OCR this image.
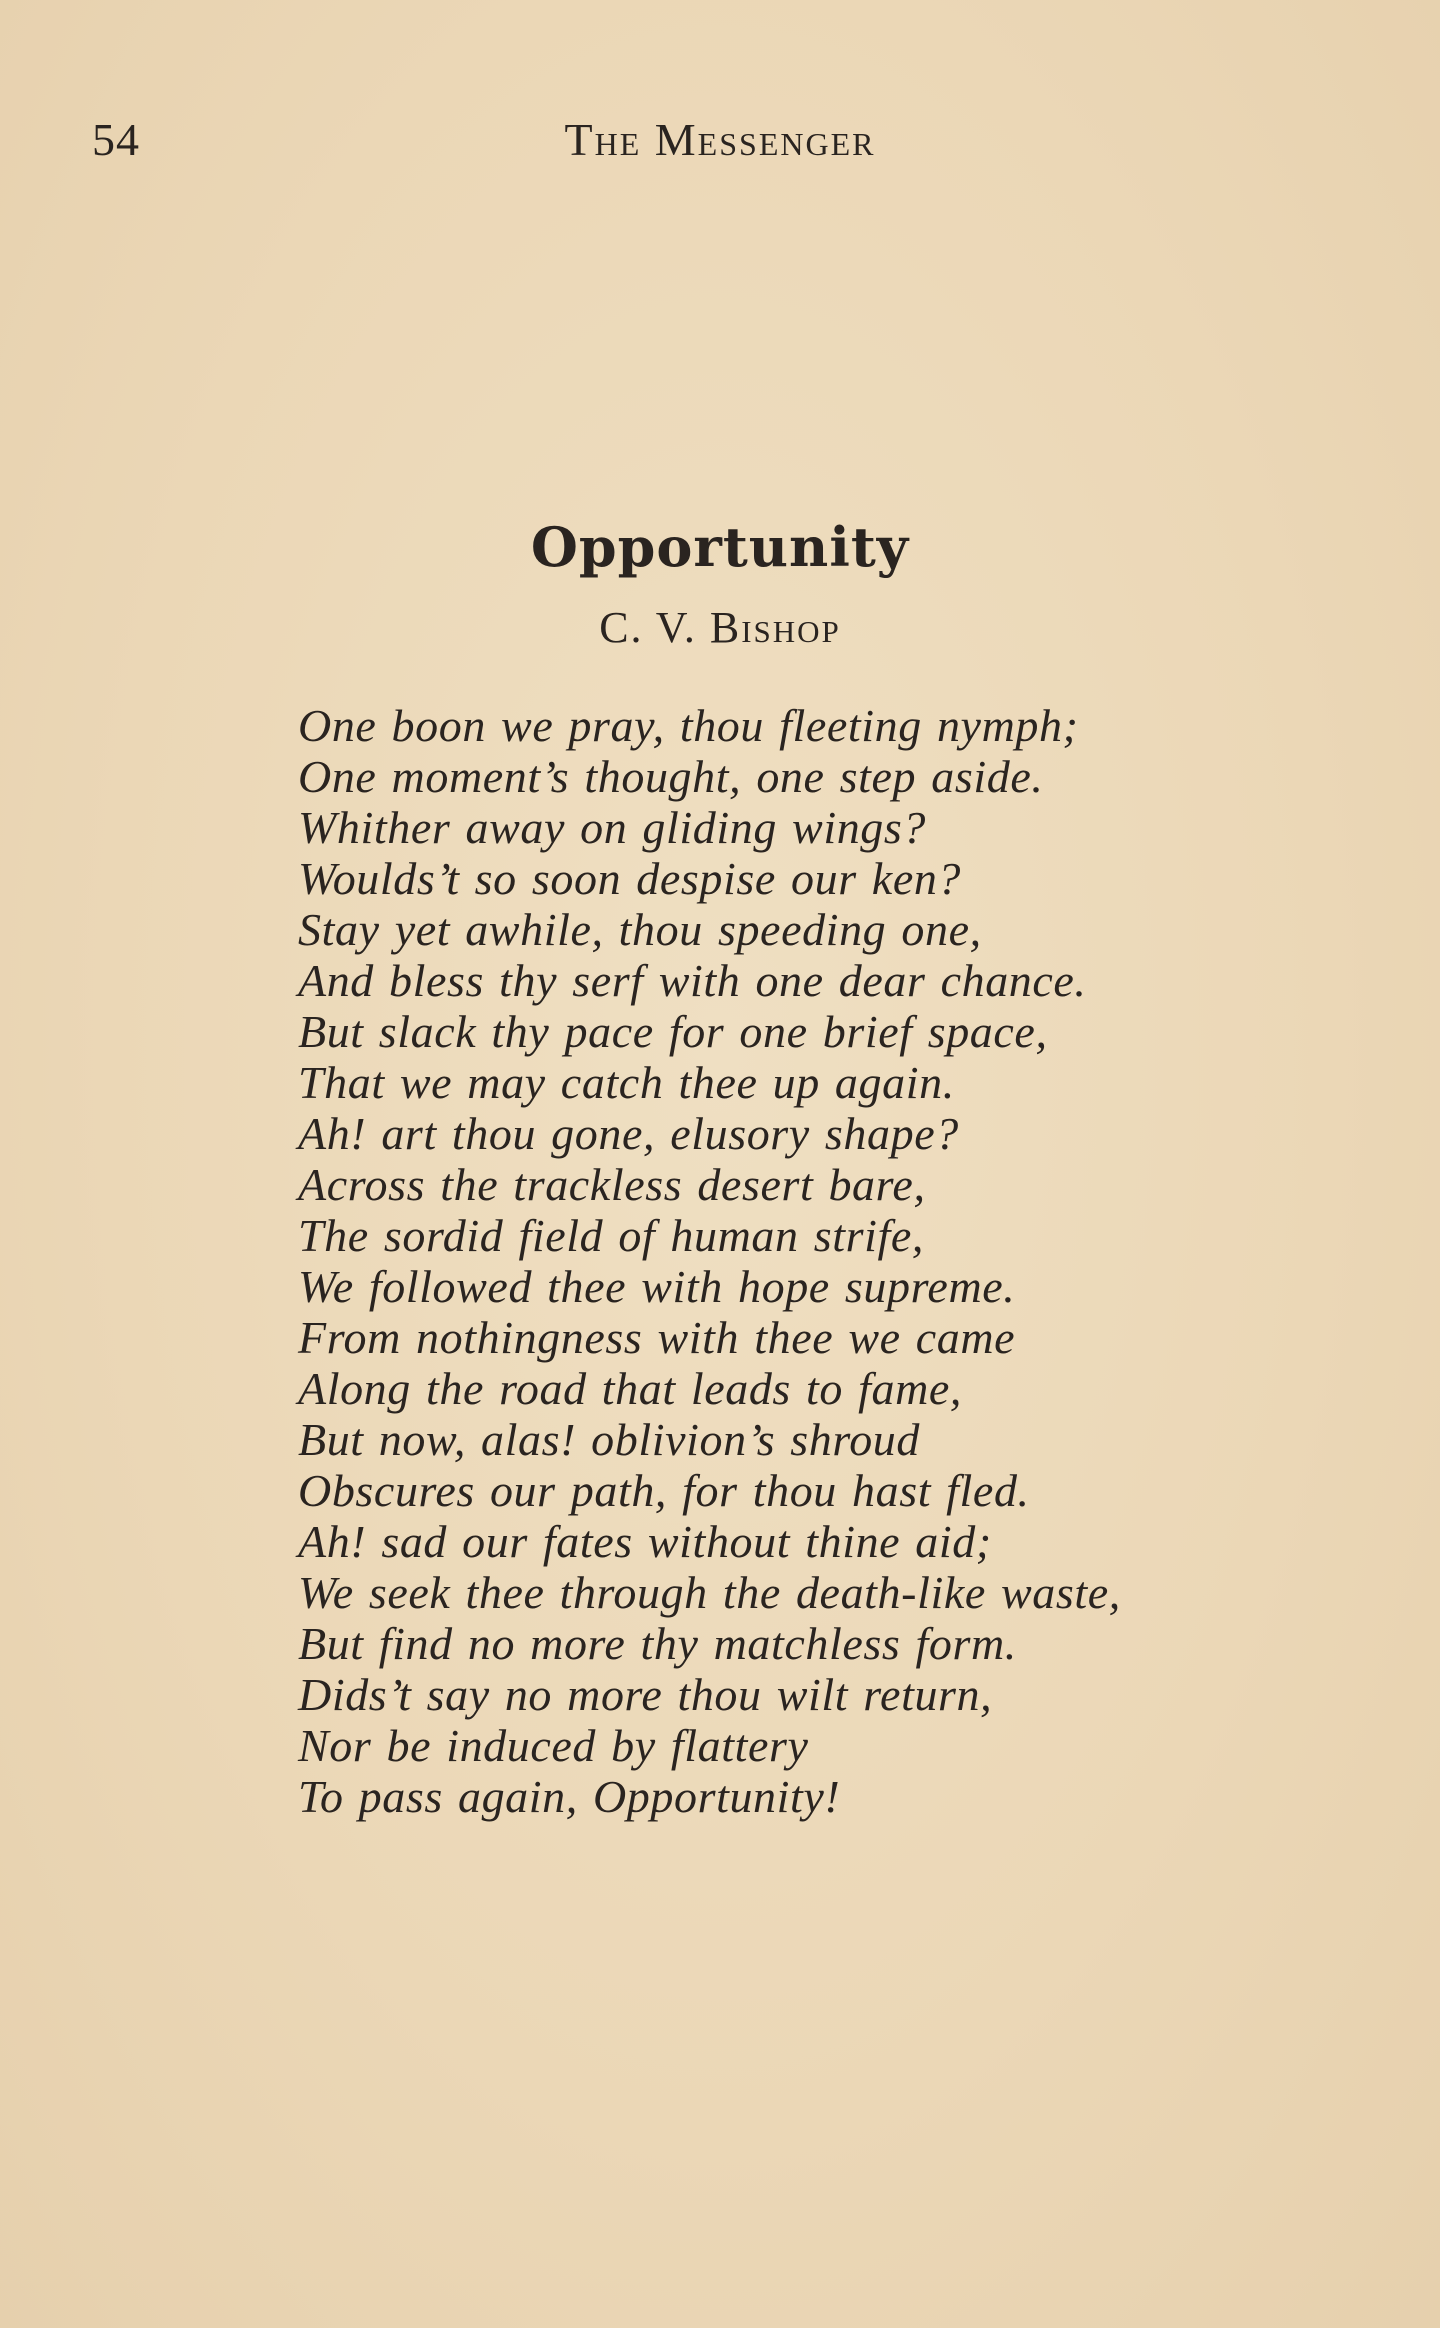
54	The Messenger
Opportunity
C. V. Bishop
One boon we pray, thou fleeting nymph;
One moment’s thought, one step aside.
Whither away on gliding wings?
Woulds’t so soon despise our ken?
Stay yet awhile, thou speeding one,
And bless thy serf with one dear chance.
But slack thy pace for one brief space,
That we may catch thee up again.
Ah! art thou gone, elusory shape?
Across the trackless desert bare,
The sordid field of human strife,
We followed thee with hope supreme.
From nothingness with thee we came
Along the road that leads to fame,
But now, alas! oblivion’s shroud
Obscures our path, for thou hast fled.
Ah! sad our fates without thine aid;
We seek thee through the death-like waste,
But find no more thy matchless form.
Dids’t say no more thou wilt return,
Nor be induced by flattery
To pass again, Opportunity!
